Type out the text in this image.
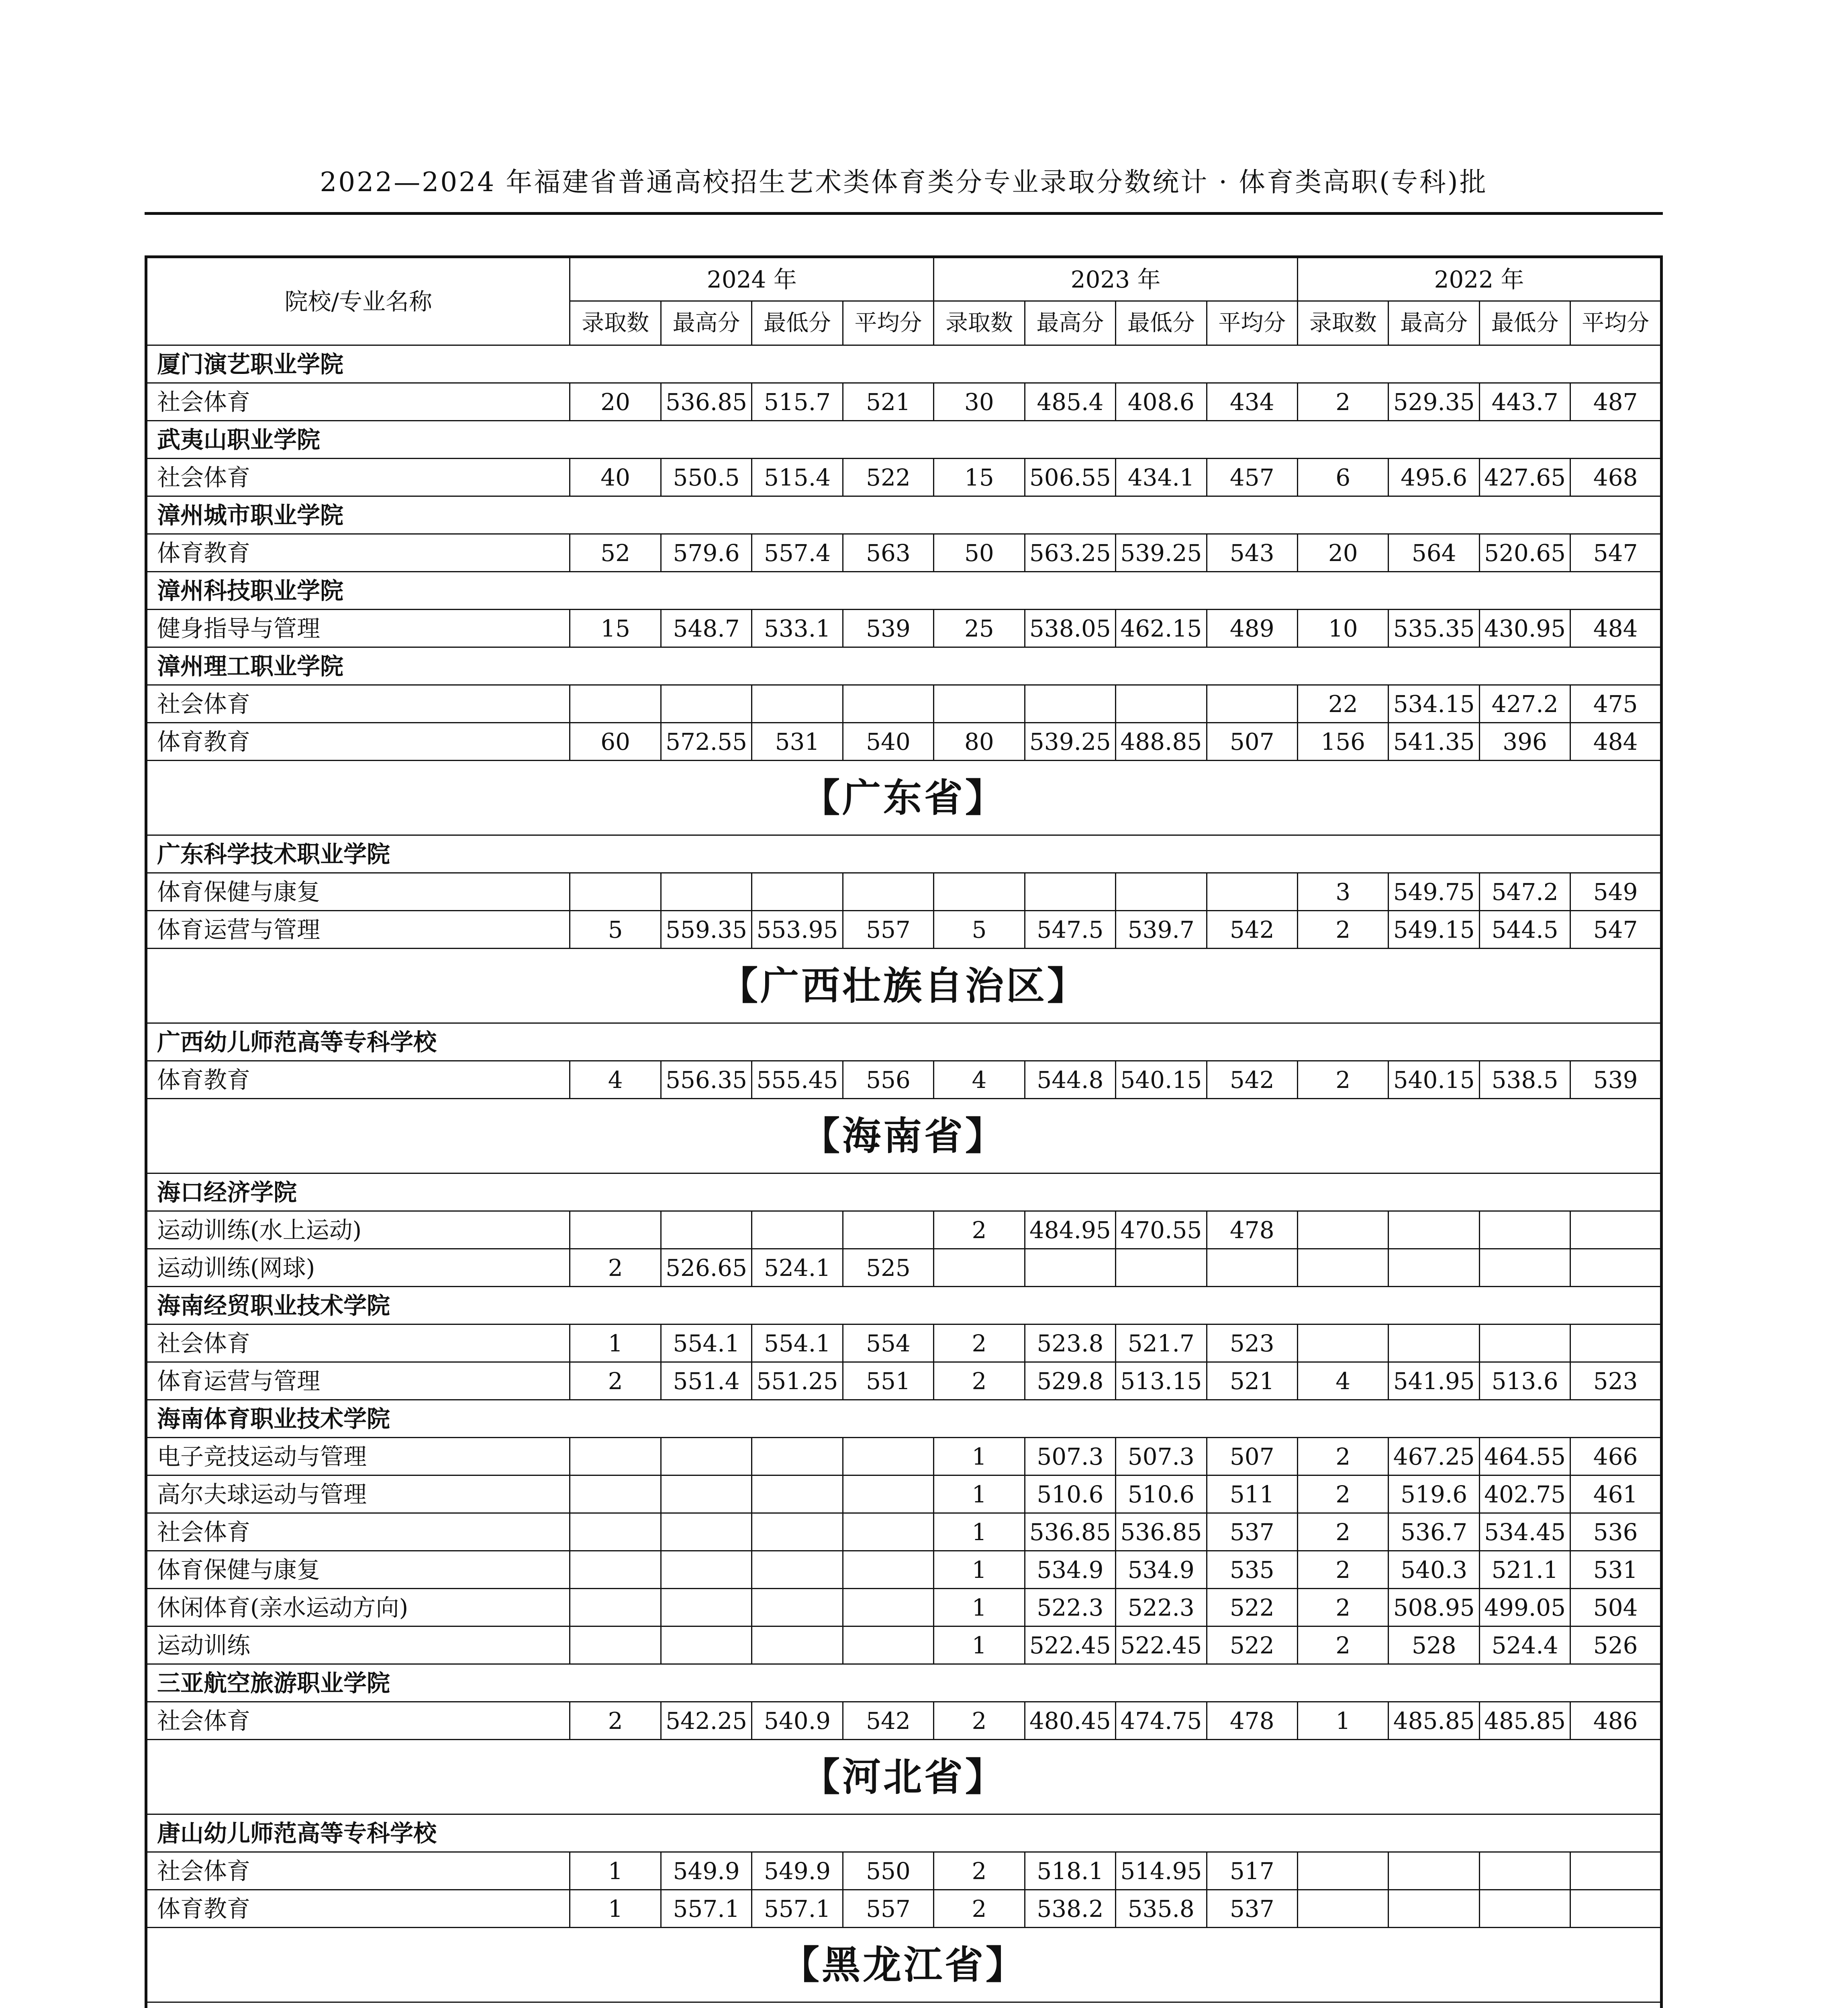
2022—2024 年福建省普通高校招生艺术类体育类分专业录取分数统计 · 体育类高职(专科)批
院校/专业名称	2024 年				2023 年				2022 年			
	录取数	最高分	最低分	平均分	录取数	最高分	最低分	平均分	录取数	最高分	最低分	平均分
厦门演艺职业学院												
社会体育	20	536.85	515.7	521	30	485.4	408.6	434	2	529.35	443.7	487
武夷山职业学院												
社会体育	40	550.5	515.4	522	15	506.55	434.1	457	6	495.6	427.65	468
漳州城市职业学院												
体育教育	52	579.6	557.4	563	50	563.25	539.25	543	20	564	520.65	547
漳州科技职业学院												
健身指导与管理	15	548.7	533.1	539	25	538.05	462.15	489	10	535.35	430.95	484
漳州理工职业学院												
社会体育									22	534.15	427.2	475
体育教育	60	572.55	531	540	80	539.25	488.85	507	156	541.35	396	484
【广东省】												
广东科学技术职业学院												
体育保健与康复									3	549.75	547.2	549
体育运营与管理	5	559.35	553.95	557	5	547.5	539.7	542	2	549.15	544.5	547
【广西壮族自治区】												
广西幼儿师范高等专科学校												
体育教育	4	556.35	555.45	556	4	544.8	540.15	542	2	540.15	538.5	539
【海南省】												
海口经济学院												
运动训练(水上运动)					2	484.95	470.55	478				
运动训练(网球)	2	526.65	524.1	525								
海南经贸职业技术学院												
社会体育	1	554.1	554.1	554	2	523.8	521.7	523				
体育运营与管理	2	551.4	551.25	551	2	529.8	513.15	521	4	541.95	513.6	523
海南体育职业技术学院												
电子竞技运动与管理					1	507.3	507.3	507	2	467.25	464.55	466
高尔夫球运动与管理					1	510.6	510.6	511	2	519.6	402.75	461
社会体育					1	536.85	536.85	537	2	536.7	534.45	536
体育保健与康复					1	534.9	534.9	535	2	540.3	521.1	531
休闲体育(亲水运动方向)					1	522.3	522.3	522	2	508.95	499.05	504
运动训练					1	522.45	522.45	522	2	528	524.4	526
三亚航空旅游职业学院												
社会体育	2	542.25	540.9	542	2	480.45	474.75	478	1	485.85	485.85	486
【河北省】												
唐山幼儿师范高等专科学校												
社会体育	1	549.9	549.9	550	2	518.1	514.95	517				
体育教育	1	557.1	557.1	557	2	538.2	535.8	537				
【黑龙江省】												
